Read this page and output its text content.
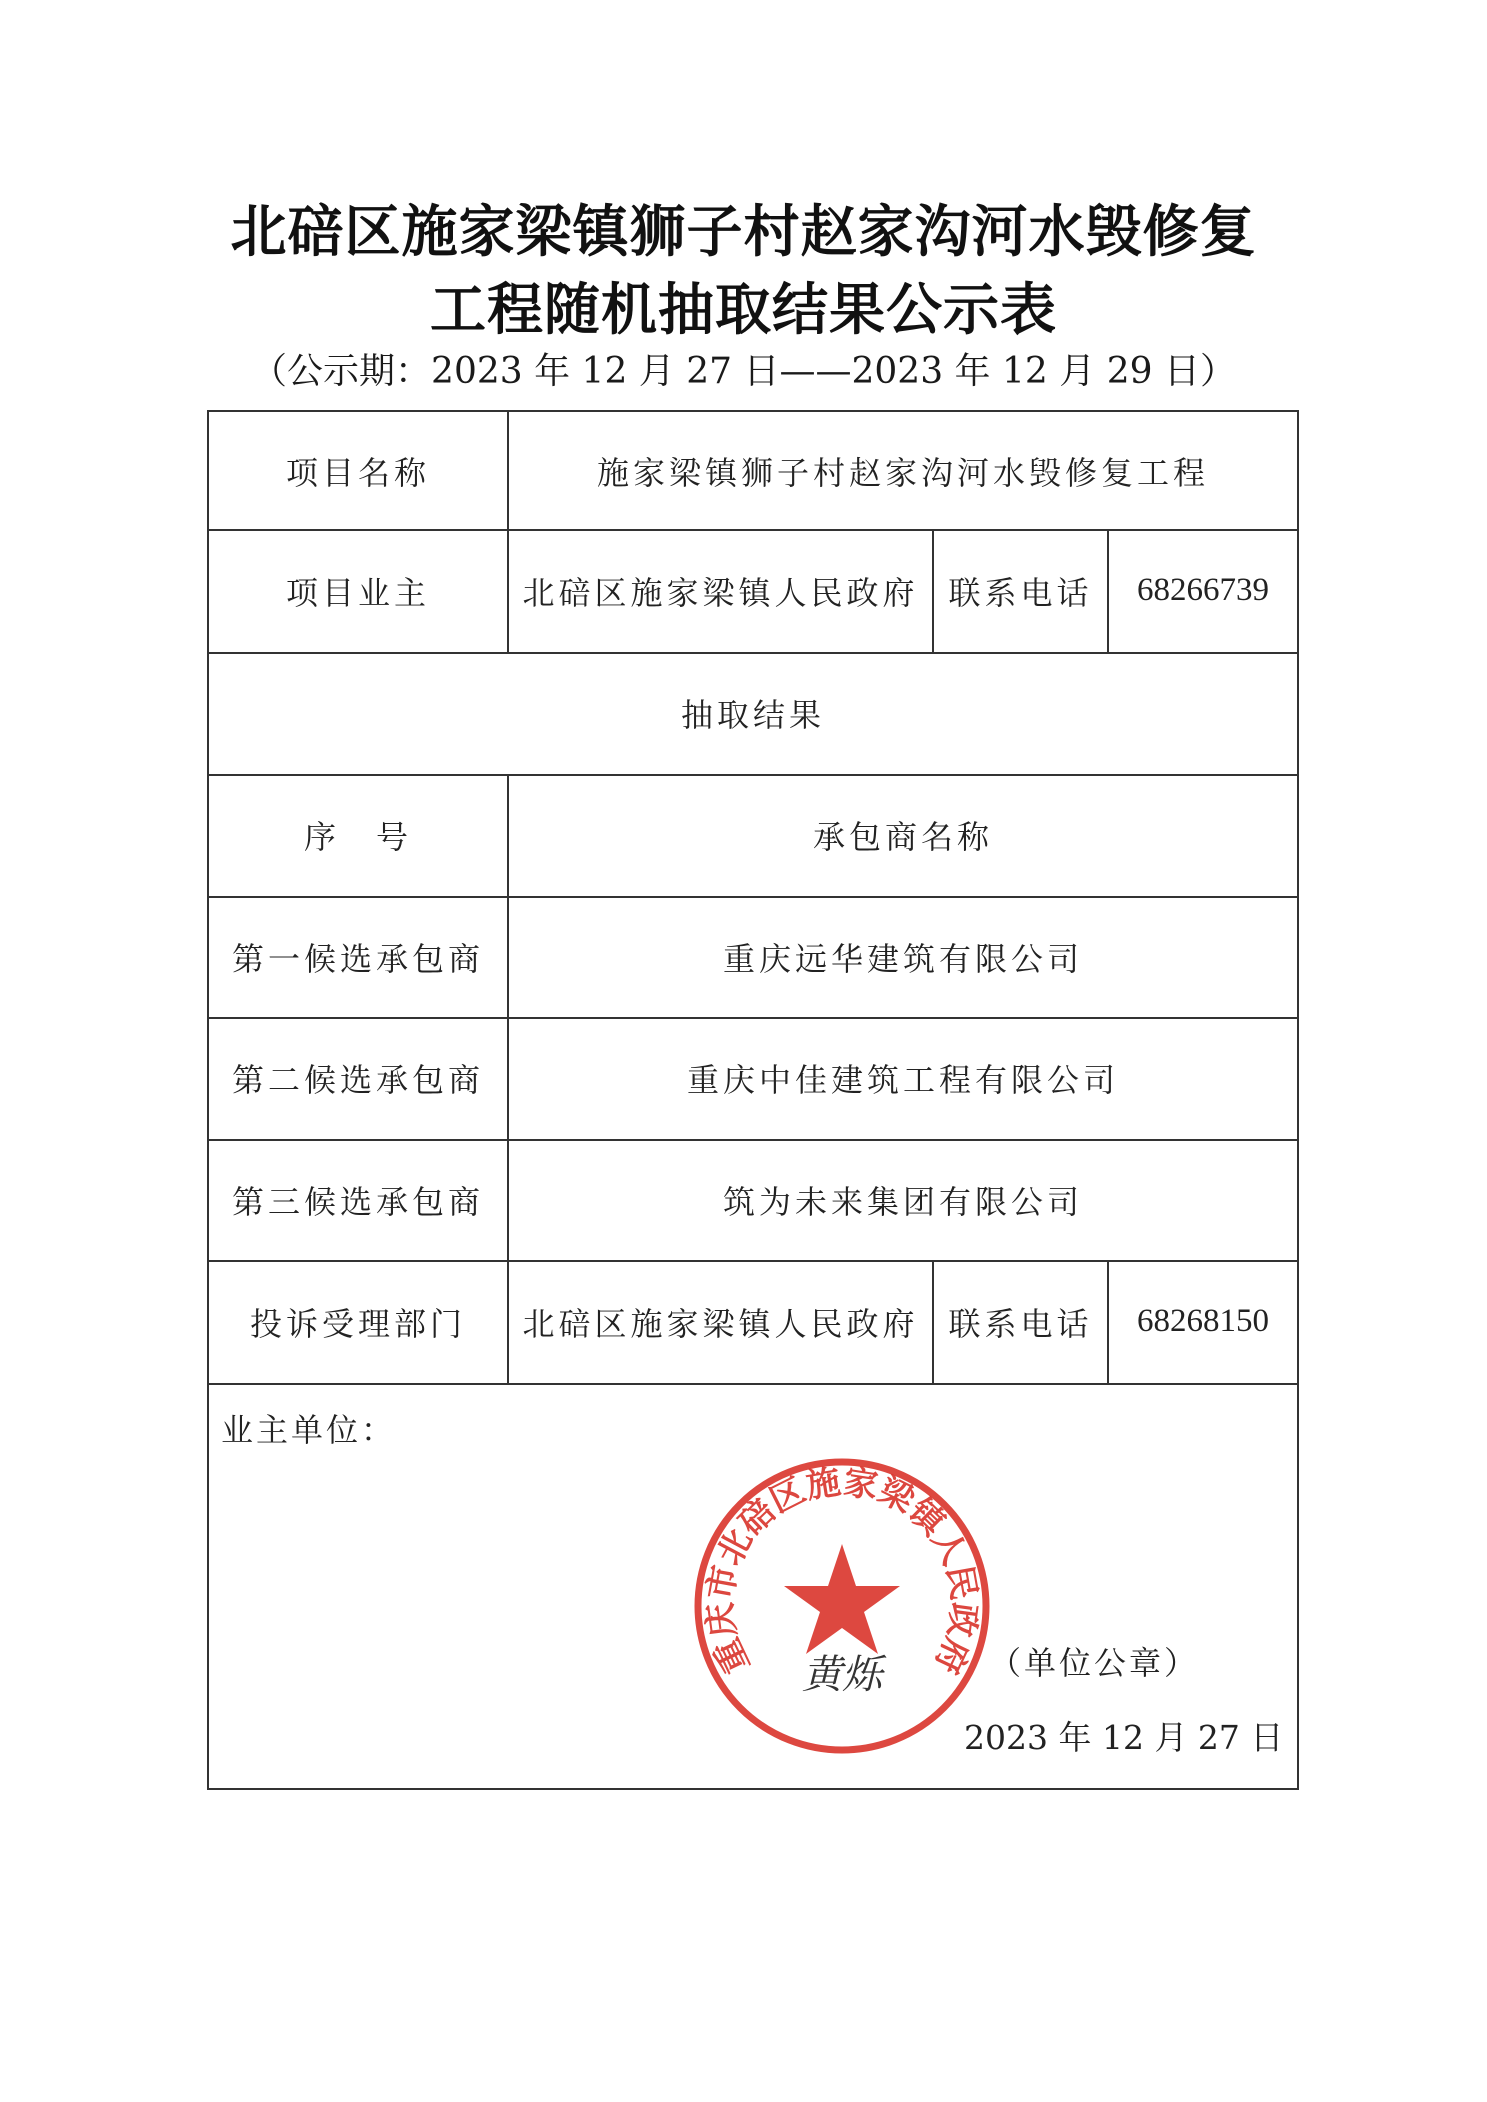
北碚区施家梁镇狮子村赵家沟河水毁修复
工程随机抽取结果公示表
（公示期：2023 年 12 月 27 日——2023 年 12 月 29 日）
项目名称	施家梁镇狮子村赵家沟河水毁修复工程
项目业主	北碚区施家梁镇人民政府 联系电话	68266739
抽取结果
序　号	承包商名称
第一候选承包商	重庆远华建筑有限公司
第二候选承包商	重庆中佳建筑工程有限公司
第三候选承包商	筑为未来集团有限公司
投诉受理部门	北碚区施家梁镇人民政府 联系电话	68268150
业主单位：
重庆市北碚区施家梁镇人民政府
黄烁	（单位公章）
2023 年 12 月 27 日
